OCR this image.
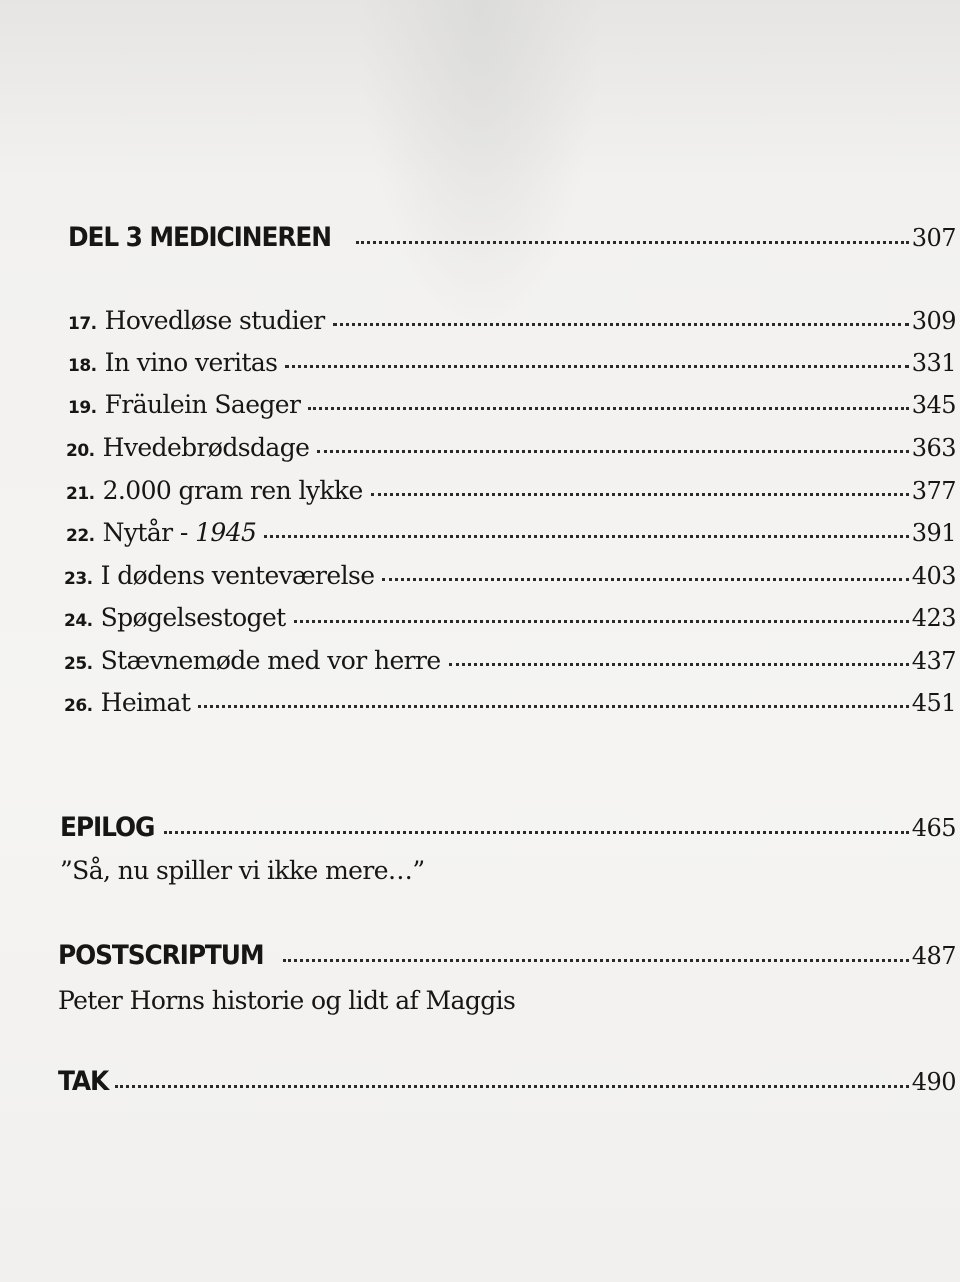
DEL 3 MEDICINEREN	307
17. Hovedløse studier	309
18. In vino veritas	331
19. Fräulein Saeger	345
20. Hvedebrødsdage	363
21. 2.000 gram ren lykke	377
22. Nytår - 1945	391
23. I dødens venteværelse	403
24. Spøgelsestoget	423
25. Stævnemøde med vor herre	437
26. Heimat	451
EPILOG	465
”Så, nu spiller vi ikke mere…”
POSTSCRIPTUM	487
Peter Horns historie og lidt af Maggis
TAK	490
